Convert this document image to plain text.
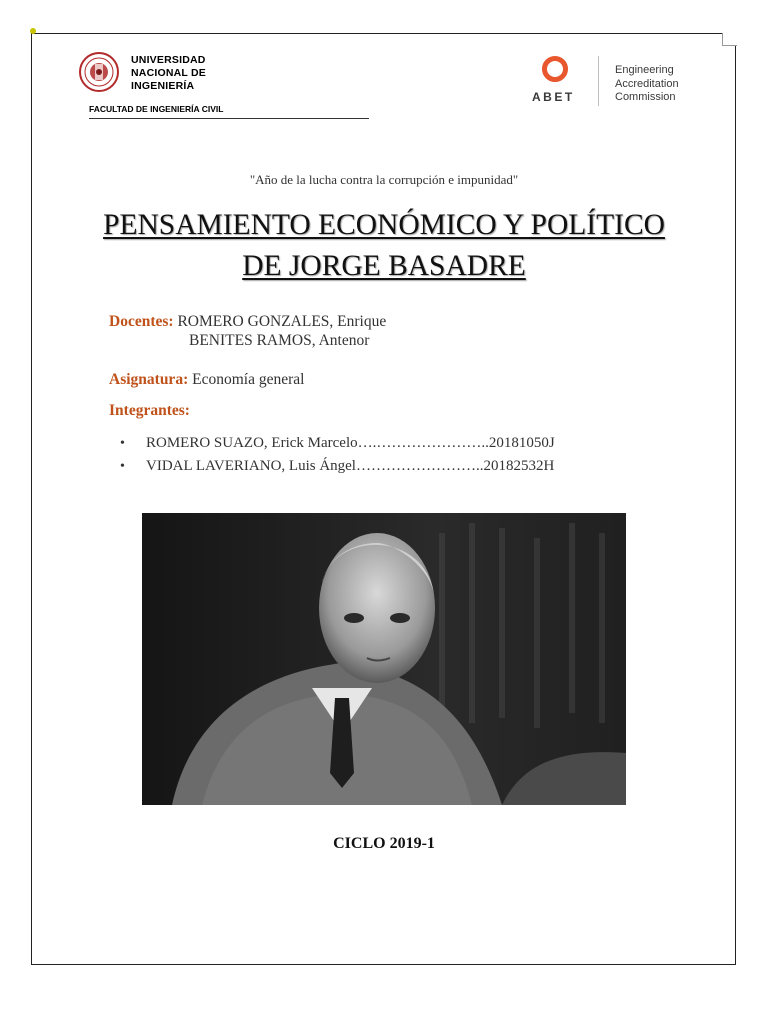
UNIVERSIDAD
NACIONAL DE
INGENIERÍA
FACULTAD DE INGENIERÍA CIVIL
ABET
Engineering
Accreditation
Commission
"Año de la lucha contra la corrupción e impunidad"
PENSAMIENTO ECONÓMICO Y POLÍTICO
DE JORGE BASADRE
Docentes: ROMERO GONZALES, Enrique
BENITES RAMOS, Antenor
Asignatura: Economía general
Integrantes:
• ROMERO SUAZO, Erick Marcelo….…………………..20181050J
• VIDAL LAVERIANO, Luis Ángel……………………..20182532H
CICLO 2019-1
